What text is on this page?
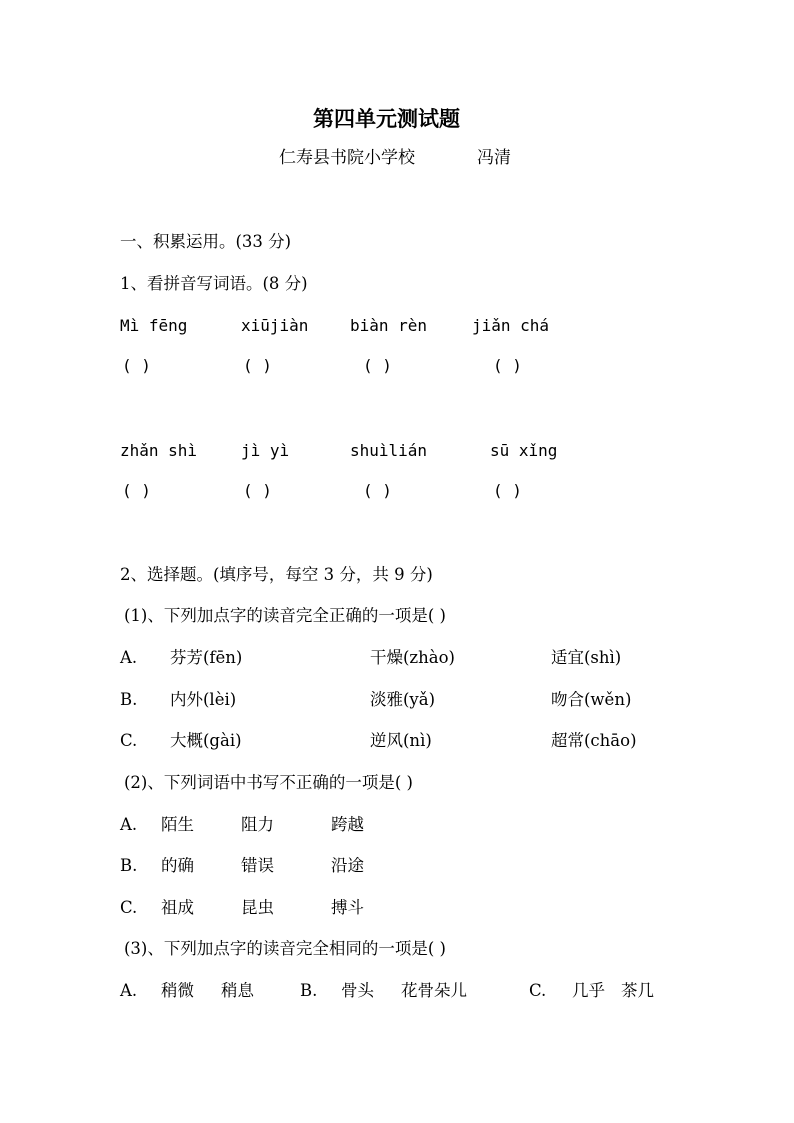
第四单元测试题
仁寿县书院小学校	冯清
一、积累运用。(33 分)
1、看拼音写词语。(8 分)
Mì fēng	xiūjiàn	biàn rèn	jiǎn chá
( )	( )	( )	( )
zhǎn shì	jì yì	shuìlián	sū xǐng
( )	( )	( )	( )
2、选择题。(填序号，每空 3 分，共 9 分)
(1)、下列加点字的读音完全正确的一项是( )
A. 芬芳(fēn)	干燥(zhào)	适宜(shì)
B. 内外(lèi)	淡雅(yǎ)	吻合(wěn)
C. 大概(gài)	逆风(nì)	超常(chāo)
(2)、下列词语中书写不正确的一项是( )
A. 陌生	阻力	跨越
B. 的确	错误	沿途
C. 祖成	昆虫	搏斗
(3)、下列加点字的读音完全相同的一项是( )
A. 稍微 稍息	B. 骨头 花骨朵儿	C. 几乎 茶几
